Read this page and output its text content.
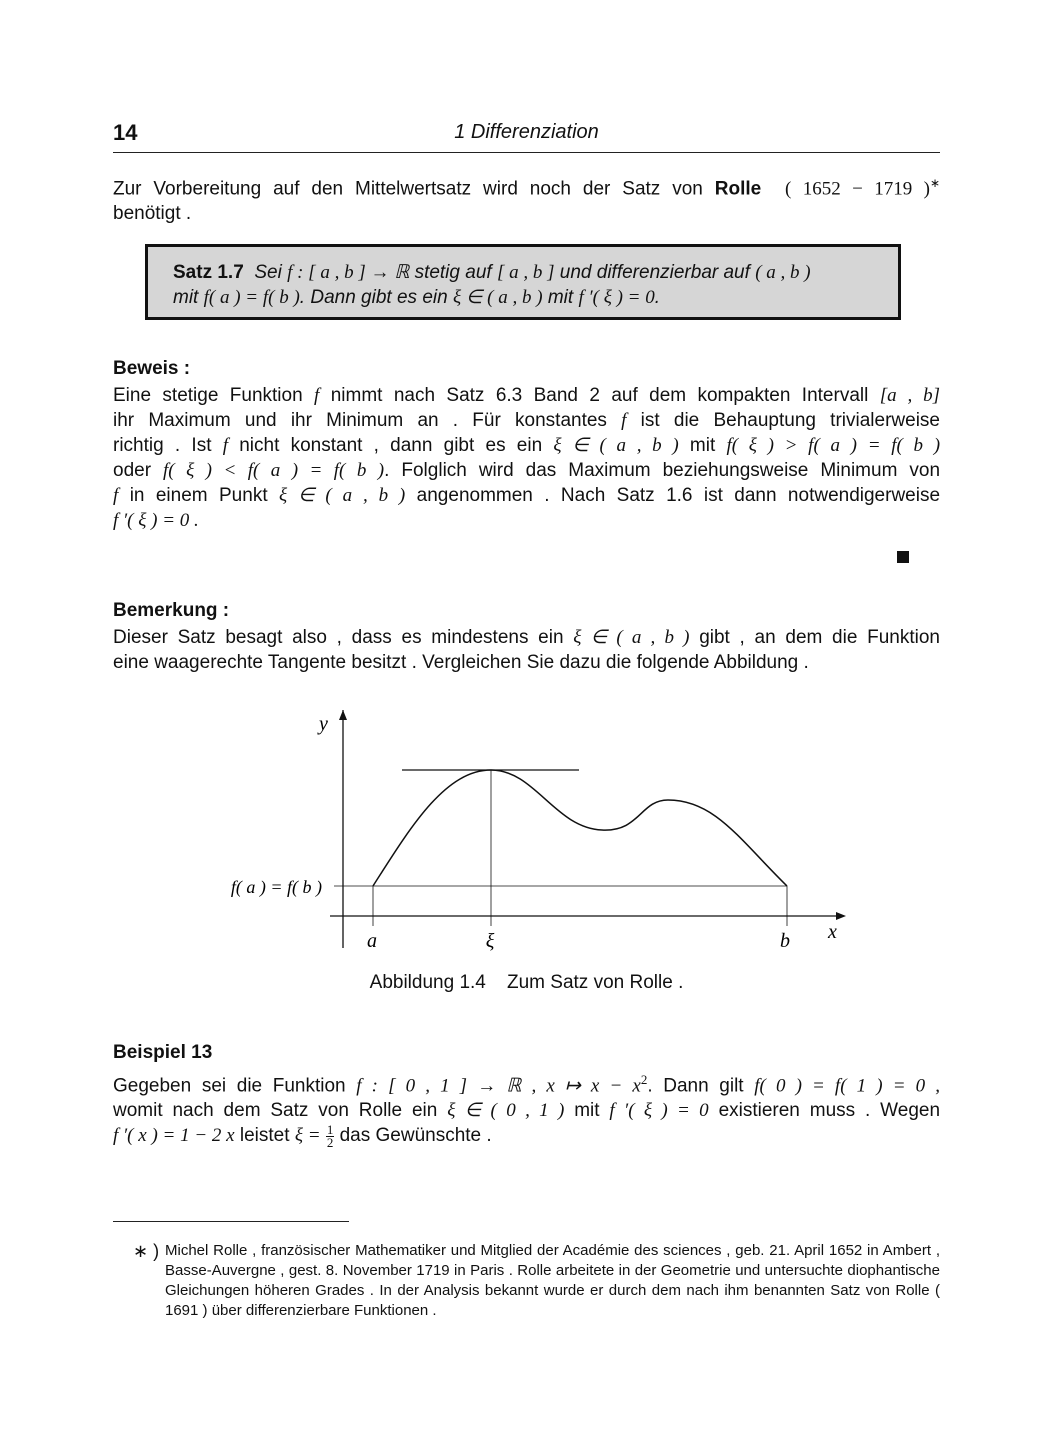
14	1 Differenziation
Zur Vorbereitung auf den Mittelwertsatz wird noch der Satz von Rolle ( 1652 − 1719 )∗
benötigt .
Satz 1.7 Sei f : [ a , b ] → ℝ stetig auf [ a , b ] und differenzierbar auf ( a , b )
mit f( a ) = f( b ). Dann gibt es ein ξ ∈ ( a , b ) mit f ′( ξ ) = 0.
Beweis :
Eine stetige Funktion f nimmt nach Satz 6.3 Band 2 auf dem kompakten Intervall [a , b]
ihr Maximum und ihr Minimum an . Für konstantes f ist die Behauptung trivialerweise
richtig . Ist f nicht konstant , dann gibt es ein ξ ∈ ( a , b ) mit f( ξ ) > f( a ) = f( b )
oder f( ξ ) < f( a ) = f( b ). Folglich wird das Maximum beziehungsweise Minimum von
f in einem Punkt ξ ∈ ( a , b ) angenommen . Nach Satz 1.6 ist dann notwendigerweise
f ′( ξ ) = 0 .
Bemerkung :
Dieser Satz besagt also , dass es mindestens ein ξ ∈ ( a , b ) gibt , an dem die Funktion
eine waagerechte Tangente besitzt . Vergleichen Sie dazu die folgende Abbildung .
y
x
f( a ) = f( b )
a	ξ	b
Abbildung 1.4 Zum Satz von Rolle .
Beispiel 13
Gegeben sei die Funktion f : [ 0 , 1 ] → ℝ , x ↦ $x - x^2$. Dann gilt f( 0 ) = f( 1 ) = 0 ,
womit nach dem Satz von Rolle ein ξ ∈ ( 0 , 1 ) mit f ′( ξ ) = 0 existieren muss . Wegen
f ′( x ) = 1 − 2 x leistet $\xi = \frac{1}{2}$ das Gewünschte .
∗ ) Michel Rolle , französischer Mathematiker und Mitglied der Académie des sciences , geb. 21. April 1652 in Ambert , Basse-Auvergne , gest. 8. November 1719 in Paris . Rolle arbeitete in der Geometrie und untersuchte diophantische Gleichungen höheren Grades . In der Analysis bekannt wurde er durch dem nach ihm benannten Satz von Rolle ( 1691 ) über differenzierbare Funktionen .
